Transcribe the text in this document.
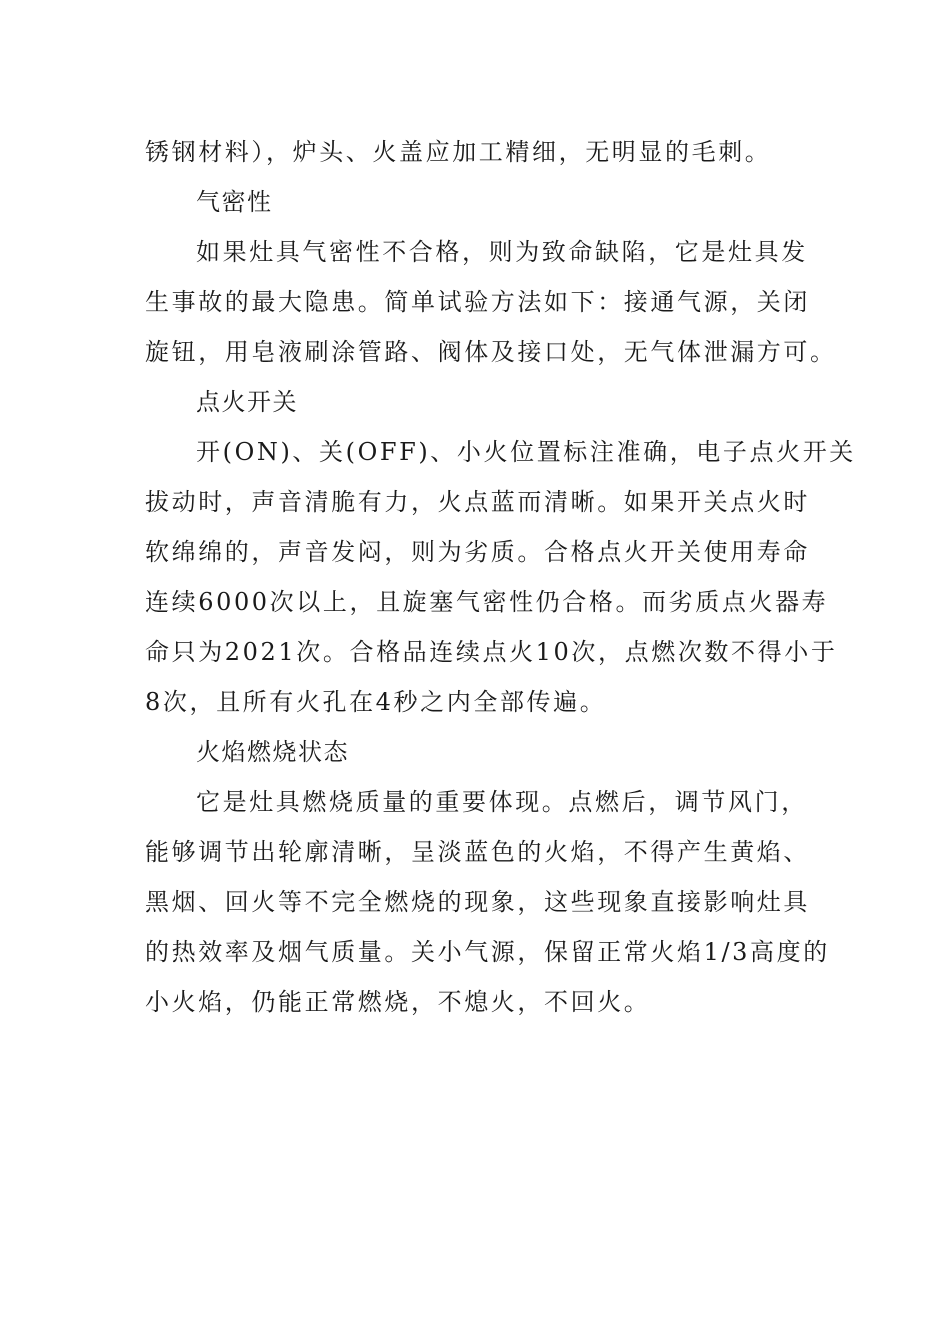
锈钢材料），炉头、火盖应加工精细，无明显的毛刺。
气密性
如果灶具气密性不合格，则为致命缺陷，它是灶具发
生事故的最大隐患。简单试验方法如下：接通气源，关闭
旋钮，用皂液刷涂管路、阀体及接口处，无气体泄漏方可。
点火开关
开(ON)、关(OFF)、小火位置标注准确，电子点火开关
拔动时，声音清脆有力，火点蓝而清晰。如果开关点火时
软绵绵的，声音发闷，则为劣质。合格点火开关使用寿命
连续6000次以上，且旋塞气密性仍合格。而劣质点火器寿
命只为2021次。合格品连续点火10次，点燃次数不得小于
8次，且所有火孔在4秒之内全部传遍。
火焰燃烧状态
它是灶具燃烧质量的重要体现。点燃后，调节风门，
能够调节出轮廓清晰，呈淡蓝色的火焰，不得产生黄焰、
黑烟、回火等不完全燃烧的现象，这些现象直接影响灶具
的热效率及烟气质量。关小气源，保留正常火焰1/3高度的
小火焰，仍能正常燃烧，不熄火，不回火。
